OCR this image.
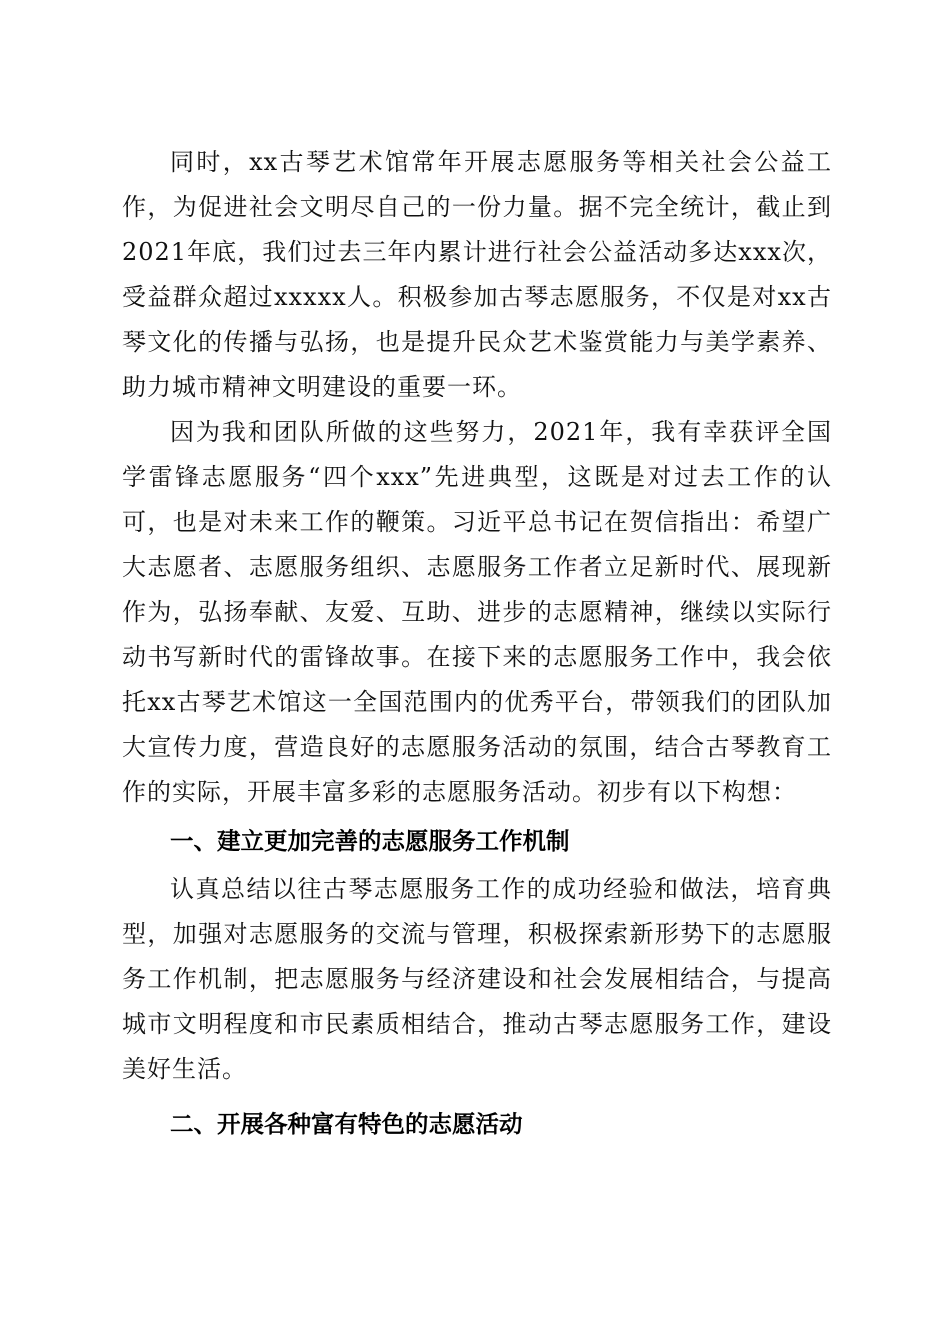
同时，xx古琴艺术馆常年开展志愿服务等相关社会公益工作，为促进社会文明尽自己的一份力量。据不完全统计，截止到2021年底，我们过去三年内累计进行社会公益活动多达xxx次，受益群众超过xxxxx人。积极参加古琴志愿服务，不仅是对xx古琴文化的传播与弘扬，也是提升民众艺术鉴赏能力与美学素养、助力城市精神文明建设的重要一环。

因为我和团队所做的这些努力，2021年，我有幸获评全国学雷锋志愿服务“四个xxx”先进典型，这既是对过去工作的认可，也是对未来工作的鞭策。习近平总书记在贺信指出：希望广大志愿者、志愿服务组织、志愿服务工作者立足新时代、展现新作为，弘扬奉献、友爱、互助、进步的志愿精神，继续以实际行动书写新时代的雷锋故事。在接下来的志愿服务工作中，我会依托xx古琴艺术馆这一全国范围内的优秀平台，带领我们的团队加大宣传力度，营造良好的志愿服务活动的氛围，结合古琴教育工作的实际，开展丰富多彩的志愿服务活动。初步有以下构想：

一、建立更加完善的志愿服务工作机制

认真总结以往古琴志愿服务工作的成功经验和做法，培育典型，加强对志愿服务的交流与管理，积极探索新形势下的志愿服务工作机制，把志愿服务与经济建设和社会发展相结合，与提高城市文明程度和市民素质相结合，推动古琴志愿服务工作，建设美好生活。

二、开展各种富有特色的志愿活动
